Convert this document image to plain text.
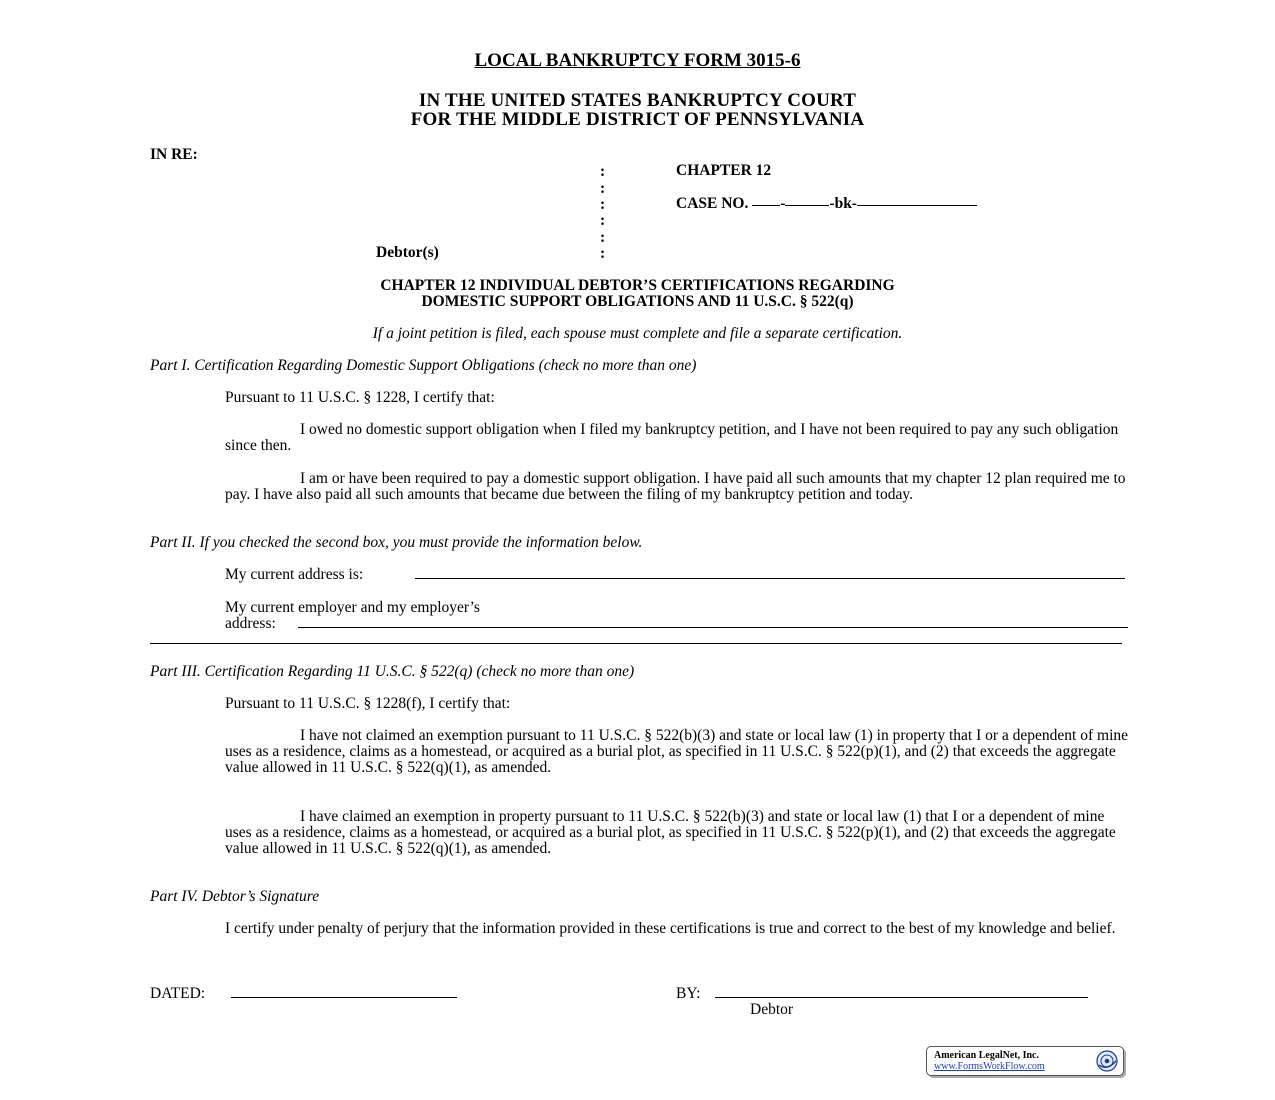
LOCAL BANKRUPTCY FORM 3015-6
IN THE UNITED STATES BANKRUPTCY COURT
FOR THE MIDDLE DISTRICT OF PENNSYLVANIA
IN RE:
:
:
:
:
:
:
CHAPTER 12
CASE NO. -	-bk-
Debtor(s)
CHAPTER 12 INDIVIDUAL DEBTOR’S CERTIFICATIONS REGARDING
DOMESTIC SUPPORT OBLIGATIONS AND 11 U.S.C. § 522(q)
If a joint petition is filed, each spouse must complete and file a separate certification.
Part I. Certification Regarding Domestic Support Obligations (check no more than one)
Pursuant to 11 U.S.C. § 1228, I certify that:
I owed no domestic support obligation when I filed my bankruptcy petition, and I have not been required to pay any such obligation since then.
I am or have been required to pay a domestic support obligation. I have paid all such amounts that my chapter 12 plan required me to pay. I have also paid all such amounts that became due between the filing of my bankruptcy petition and today.
Part II. If you checked the second box, you must provide the information below.
My current address is:
My current employer and my employer’s
address:
Part III. Certification Regarding 11 U.S.C. § 522(q) (check no more than one)
Pursuant to 11 U.S.C. § 1228(f), I certify that:
I have not claimed an exemption pursuant to 11 U.S.C. § 522(b)(3) and state or local law (1) in property that I or a dependent of mine uses as a residence, claims as a homestead, or acquired as a burial plot, as specified in 11 U.S.C. § 522(p)(1), and (2) that exceeds the aggregate value allowed in 11 U.S.C. § 522(q)(1), as amended.
I have claimed an exemption in property pursuant to 11 U.S.C. § 522(b)(3) and state or local law (1) that I or a dependent of mine uses as a residence, claims as a homestead, or acquired as a burial plot, as specified in 11 U.S.C. § 522(p)(1), and (2) that exceeds the aggregate value allowed in 11 U.S.C. § 522(q)(1), as amended.
Part IV. Debtor’s Signature
I certify under penalty of perjury that the information provided in these certifications is true and correct to the best of my knowledge and belief.
DATED:	BY:
Debtor
American LegalNet, Inc.
www.FormsWorkFlow.com
